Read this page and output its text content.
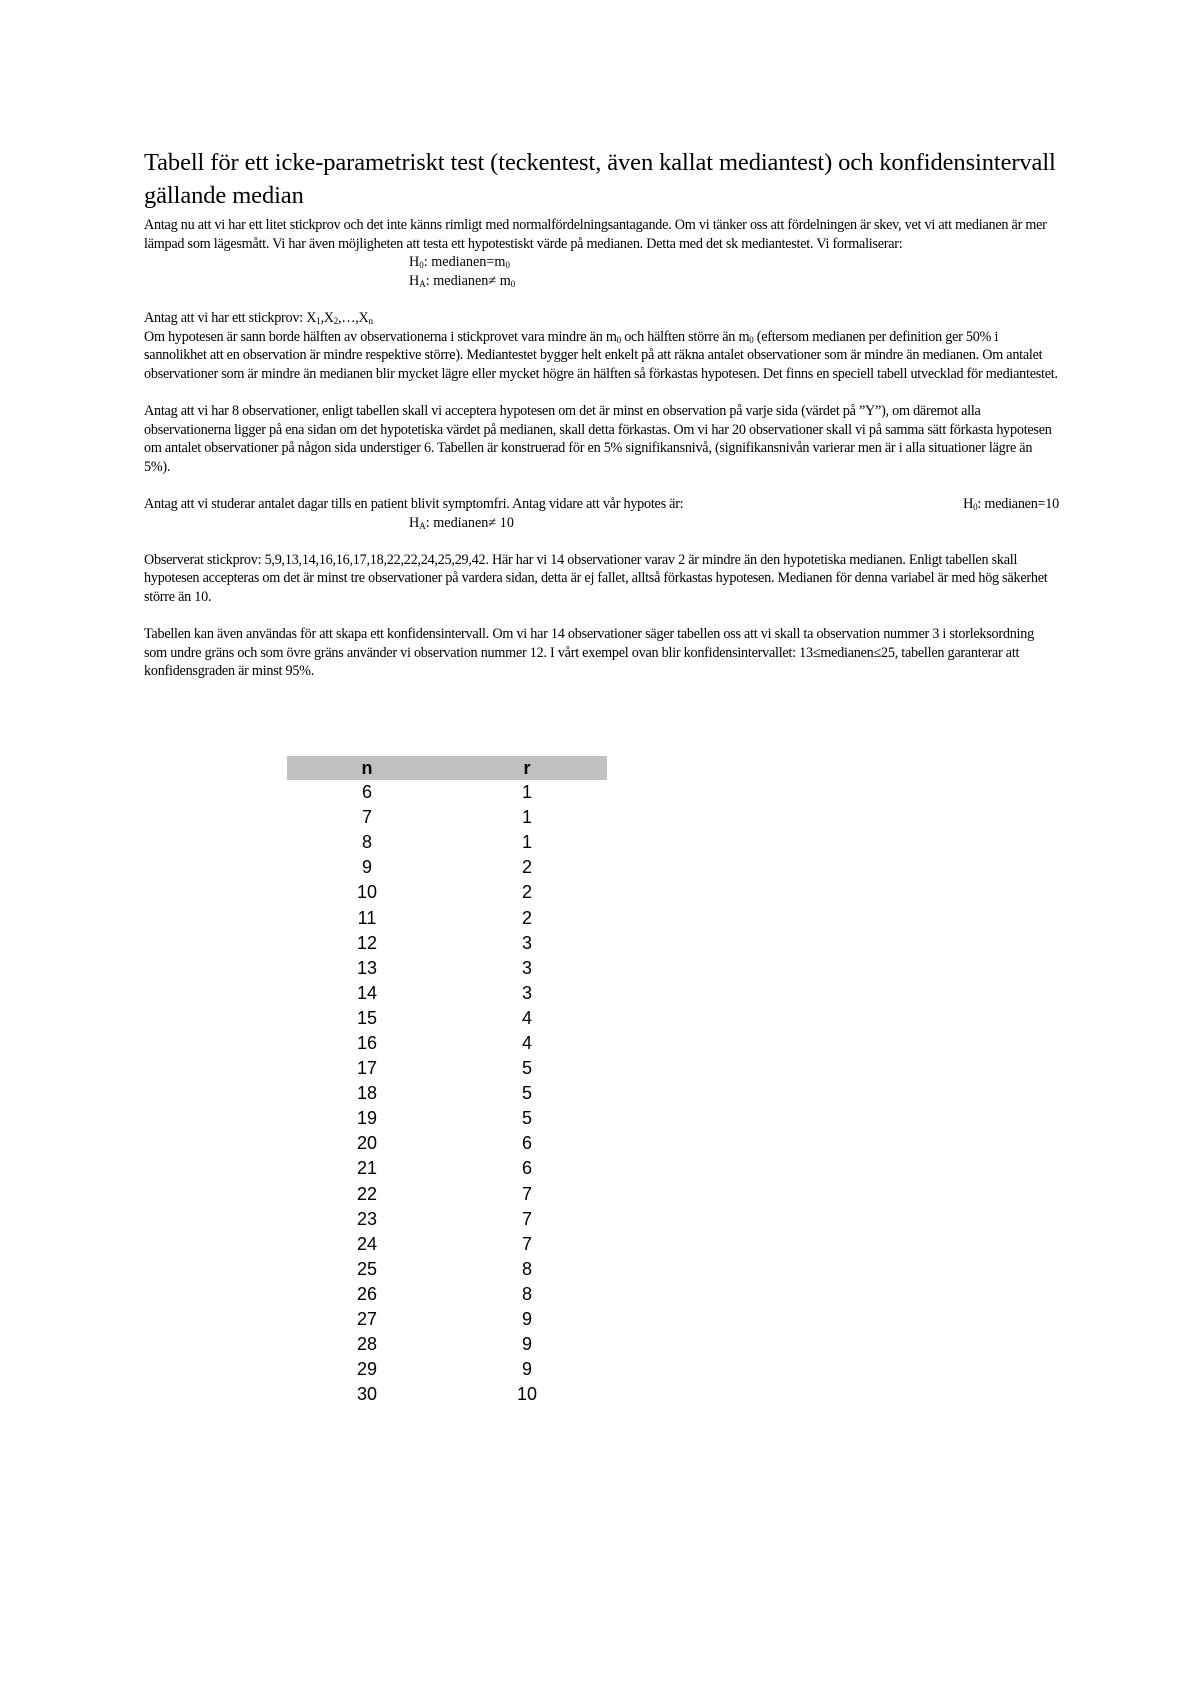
Tabell för ett icke-parametriskt test (teckentest, även kallat mediantest) och konfidensintervall gällande median

Antag nu att vi har ett litet stickprov och det inte känns rimligt med normalfördelningsantagande. Om vi tänker oss att fördelningen är skev, vet vi att medianen är mer lämpad som lägesmått. Vi har även möjligheten att testa ett hypotestiskt värde på medianen. Detta med det sk mediantestet. Vi formaliserar:

$H_0$: $medianen=m_0$
$H_A$: medianen≠ $m_0$

Antag att vi har ett stickprov: $X_1,X_2,\dots,X_n$

Om hypotesen är sann borde hälften av observationerna i stickprovet vara mindre än $m_0$ och hälften större än $m_0$ (eftersom medianen per definition ger 50% i sannolikhet att en observation är mindre respektive större). Mediantestet bygger helt enkelt på att räkna antalet observationer som är mindre än medianen. Om antalet observationer som är mindre än medianen blir mycket lägre eller mycket högre än hälften så förkastas hypotesen. Det finns en speciell tabell utvecklad för mediantestet.

Antag att vi har 8 observationer, enligt tabellen skall vi acceptera hypotesen om det är minst en observation på varje sida (värdet på ”Y”), om däremot alla observationerna ligger på ena sidan om det hypotetiska värdet på medianen, skall detta förkastas. Om vi har 20 observationer skall vi på samma sätt förkasta hypotesen om antalet observationer på någon sida understiger 6. Tabellen är konstruerad för en 5% signifikansnivå, (signifikansnivån varierar men är i alla situationer lägre än 5%).

Antag att vi studerar antalet dagar tills en patient blivit symptomfri. Antag vidare att vår hypotes är:	$H_0$: medianen=10
$H_A$: medianen≠ 10

Observerat stickprov: 5,9,13,14,16,16,17,18,22,22,24,25,29,42. Här har vi 14 observationer varav 2 är mindre än den hypotetiska medianen. Enligt tabellen skall hypotesen accepteras om det är minst tre observationer på vardera sidan, detta är ej fallet, alltså förkastas hypotesen. Medianen för denna variabel är med hög säkerhet större än 10.

Tabellen kan även användas för att skapa ett konfidensintervall. Om vi har 14 observationer säger tabellen oss att vi skall ta observation nummer 3 i storleksordning som undre gräns och som övre gräns använder vi observation nummer 12. I vårt exempel ovan blir konfidensintervallet: 13≤medianen≤25, tabellen garanterar att konfidensgraden är minst 95%.

n	r
6	1
7	1
8	1
9	2
10	2
11	2
12	3
13	3
14	3
15	4
16	4
17	5
18	5
19	5
20	6
21	6
22	7
23	7
24	7
25	8
26	8
27	9
28	9
29	9
30	10
